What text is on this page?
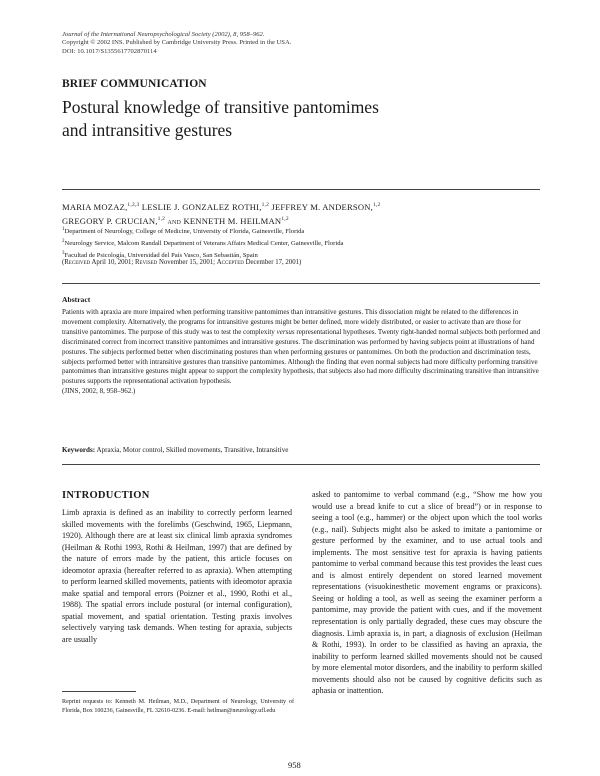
Journal of the International Neuropsychological Society (2002), 8, 958–962.
Copyright © 2002 INS. Published by Cambridge University Press. Printed in the USA.
DOI: 10.1017/S1355617702870114
BRIEF COMMUNICATION
Postural knowledge of transitive pantomimes
and intransitive gestures
MARIA MOZAZ,$^{1,2,3}$ LESLIE J. GONZALEZ ROTHI,$^{1,2}$ JEFFREY M. ANDERSON,$^{1,2}$
GREGORY P. CRUCIAN,$^{1,2}$ and KENNETH M. HEILMAN$^{1,2}$
$^1$Department of Neurology, College of Medicine, University of Florida, Gainesville, Florida
$^2$Neurology Service, Malcom Randall Department of Veterans Affairs Medical Center, Gainesville, Florida
$^3$Facultad de Psicología, Universidad del País Vasco, San Sebastián, Spain
(Received April 10, 2001; Revised November 15, 2001; Accepted December 17, 2001)
Abstract
Patients with apraxia are more impaired when performing transitive pantomimes than intransitive gestures. This dissociation might be related to the differences in movement complexity. Alternatively, the programs for intransitive gestures might be better defined, more widely distributed, or easier to activate than are those for transitive pantomimes. The purpose of this study was to test the complexity versus representational hypotheses. Twenty right-handed normal subjects both performed and discriminated correct from incorrect transitive pantomimes and intransitive gestures. The discrimination was performed by having subjects point at illustrations of hand postures. The subjects performed better when discriminating postures than when performing gestures or pantomimes. On both the production and discrimination tests, subjects performed better with intransitive gestures than transitive pantomimes. Although the finding that even normal subjects had more difficulty performing transitive pantomimes than intransitive gestures might appear to support the complexity hypothesis, that subjects also had more difficulty discriminating transitive than intransitive postures supports the representational activation hypothesis.
(JINS, 2002, 8, 958–962.)
Keywords: Apraxia, Motor control, Skilled movements, Transitive, Intransitive
INTRODUCTION
Limb apraxia is defined as an inability to correctly perform learned skilled movements with the forelimbs (Geschwind, 1965, Liepmann, 1920). Although there are at least six clinical limb apraxia syndromes (Heilman & Rothi 1993, Rothi & Heilman, 1997) that are defined by the nature of errors made by the patient, this article focuses on ideomotor apraxia (hereafter referred to as apraxia). When attempting to perform learned skilled movements, patients with ideomotor apraxia make spatial and temporal errors (Poizner et al., 1990, Rothi et al., 1988). The spatial errors include postural (or internal configuration), spatial movement, and spatial orientation. Testing praxis involves selectively varying task demands. When testing for apraxia, subjects are usually
asked to pantomime to verbal command (e.g., “Show me how you would use a bread knife to cut a slice of bread”) or in response to seeing a tool (e.g., hammer) or the object upon which the tool works (e.g., nail). Subjects might also be asked to imitate a pantomime or gesture performed by the examiner, and to use actual tools and implements. The most sensitive test for apraxia is having patients pantomime to verbal command because this test provides the least cues and is almost entirely dependent on stored learned movement representations (visuokinesthetic movement engrams or praxicons). Seeing or holding a tool, as well as seeing the examiner perform a pantomime, may provide the patient with cues, and if the movement representation is only partially degraded, these cues may obscure the diagnosis. Limb apraxia is, in part, a diagnosis of exclusion (Heilman & Rothi, 1993). In order to be classified as having an apraxia, the inability to perform learned skilled movements should not be caused by more elemental motor disorders, and the inability to perform skilled movements should also not be caused by cognitive deficits such as aphasia or inattention.
Reprint requests to: Kenneth M. Heilman, M.D., Department of Neurology, University of Florida, Box 100236, Gainesville, FL 32610-0236. E-mail: heilman@neurology.ufl.edu
958
